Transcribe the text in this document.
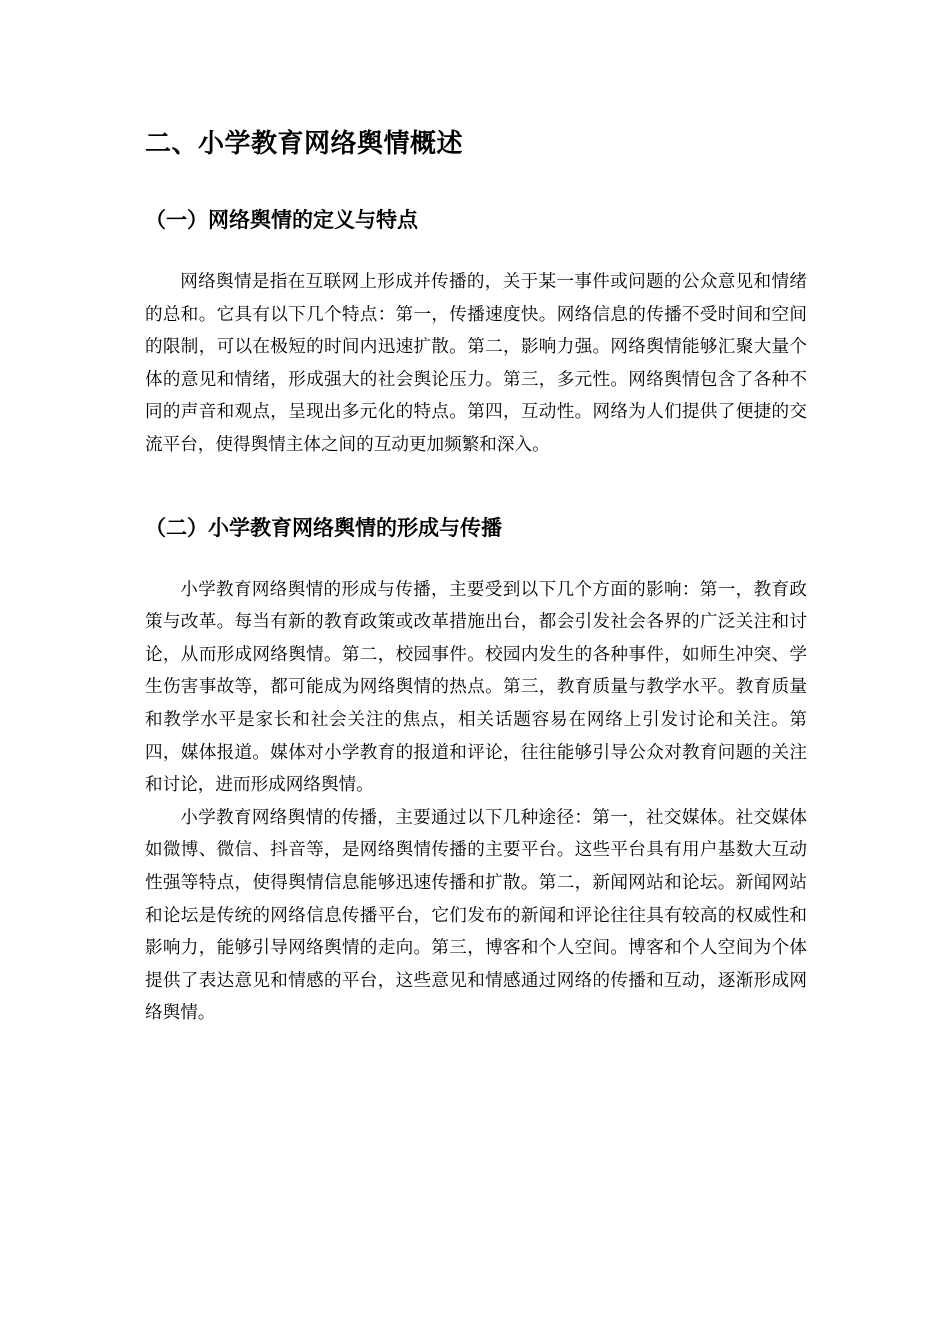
二、小学教育网络舆情概述
（一）网络舆情的定义与特点

网络舆情是指在互联网上形成并传播的，关于某一事件或问题的公众意见和情绪的总和。它具有以下几个特点：第一，传播速度快。网络信息的传播不受时间和空间的限制，可以在极短的时间内迅速扩散。第二，影响力强。网络舆情能够汇聚大量个体的意见和情绪，形成强大的社会舆论压力。第三，多元性。网络舆情包含了各种不同的声音和观点，呈现出多元化的特点。第四，互动性。网络为人们提供了便捷的交流平台，使得舆情主体之间的互动更加频繁和深入。

（二）小学教育网络舆情的形成与传播

小学教育网络舆情的形成与传播，主要受到以下几个方面的影响：第一，教育政策与改革。每当有新的教育政策或改革措施出台，都会引发社会各界的广泛关注和讨论，从而形成网络舆情。第二，校园事件。校园内发生的各种事件，如师生冲突、学生伤害事故等，都可能成为网络舆情的热点。第三，教育质量与教学水平。教育质量和教学水平是家长和社会关注的焦点，相关话题容易在网络上引发讨论和关注。第四，媒体报道。媒体对小学教育的报道和评论，往往能够引导公众对教育问题的关注和讨论，进而形成网络舆情。

小学教育网络舆情的传播，主要通过以下几种途径：第一，社交媒体。社交媒体如微博、微信、抖音等，是网络舆情传播的主要平台。这些平台具有用户基数大互动性强等特点，使得舆情信息能够迅速传播和扩散。第二，新闻网站和论坛。新闻网站和论坛是传统的网络信息传播平台，它们发布的新闻和评论往往具有较高的权威性和影响力，能够引导网络舆情的走向。第三，博客和个人空间。博客和个人空间为个体提供了表达意见和情感的平台，这些意见和情感通过网络的传播和互动，逐渐形成网络舆情。
